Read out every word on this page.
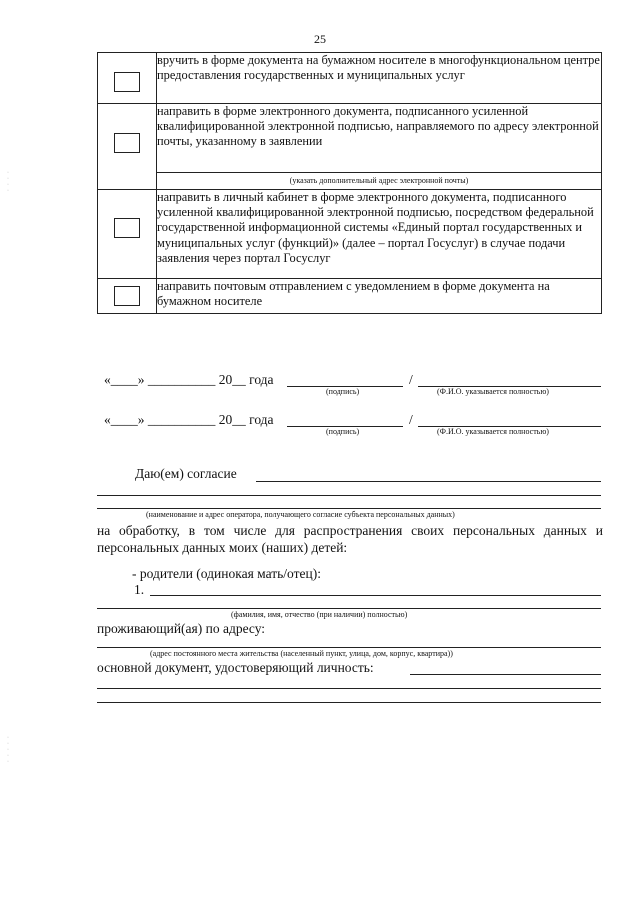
25
	вручить в форме документа на бумажном носителе в многофункциональном центре предоставления государственных и муниципальных услуг

	направить в форме электронного документа, подписанного усиленной квалифицированной электронной подписью, направляемого по адресу электронной почты, указанному в заявлении

	(указать дополнительный адрес электронной почты)

	направить в личный кабинет в форме электронного документа, подписанного усиленной квалифицированной электронной подписью, посредством федеральной государственной информационной системы «Единый портал государственных и муниципальных услуг (функций)» (далее – портал Госуслуг) в случае подачи заявления через портал Госуслуг

	направить почтовым отправлением с уведомлением в форме документа на бумажном носителе
«____» __________ 20__ года	/
(подпись)	(Ф.И.О. указывается полностью)
«____» __________ 20__ года	/
(подпись)	(Ф.И.О. указывается полностью)
Даю(ем) согласие
(наименование и адрес оператора, получающего согласие субъекта персональных данных)
на обработку, в том числе для распространения своих персональных данных и персональных данных моих (наших) детей:
- родители (одинокая мать/отец):
1.
(фамилия, имя, отчество (при наличии) полностью)
проживающий(ая) по адресу:
(адрес постоянного места жительства (населенный пункт, улица, дом, корпус, квартира))
основной документ, удостоверяющий личность:
·
·
·
·
·
·
·
·
·
